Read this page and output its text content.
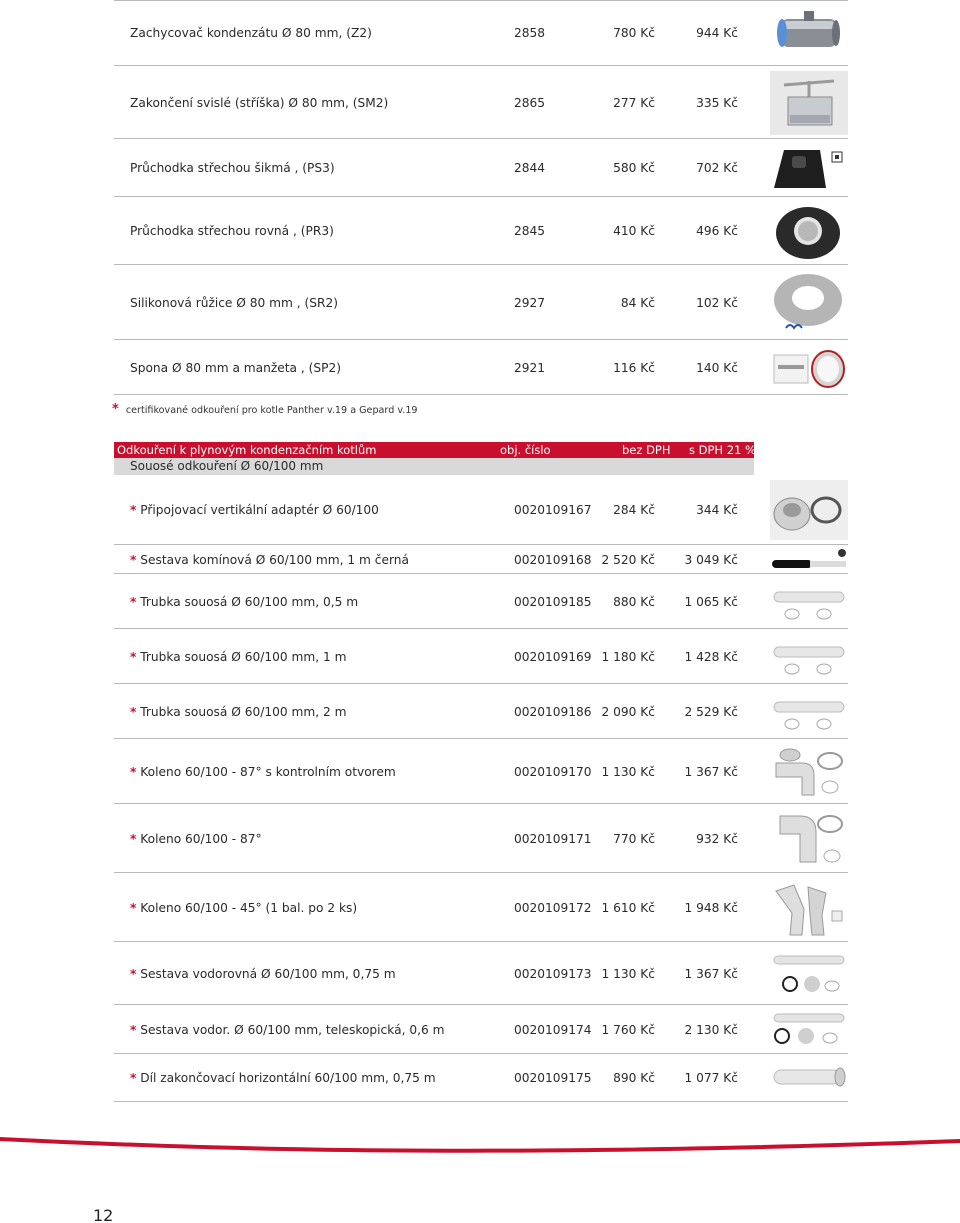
Zachycovač kondenzátu Ø 80 mm, (Z2)	2858	780 Kč	944 Kč
Zakončení svislé (stříška) Ø 80 mm, (SM2)	2865	277 Kč	335 Kč
Průchodka střechou šikmá , (PS3)	2844	580 Kč	702 Kč
Průchodka střechou rovná , (PR3)	2845	410 Kč	496 Kč
Silikonová růžice Ø 80 mm , (SR2)	2927	84 Kč	102 Kč
Spona Ø 80 mm a manžeta , (SP2)	2921	116 Kč	140 Kč
* certifikované odkouření pro kotle Panther v.19 a Gepard v.19
Odkouření k plynovým kondenzačním kotlům	obj. číslo	bez DPH s DPH 21 %
Souosé odkouření Ø 60/100 mm
* Připojovací vertikální adaptér Ø 60/100	0020109167 284 Kč	344 Kč
* Sestava komínová Ø 60/100 mm, 1 m černá	0020109168 2 520 Kč 3 049 Kč
* Trubka souosá Ø 60/100 mm, 0,5 m	0020109185 880 Kč 1 065 Kč
* Trubka souosá Ø 60/100 mm, 1 m	0020109169 1 180 Kč 1 428 Kč
* Trubka souosá Ø 60/100 mm, 2 m	0020109186 2 090 Kč 2 529 Kč
* Koleno 60/100 - 87° s kontrolním otvorem	0020109170 1 130 Kč 1 367 Kč
* Koleno 60/100 - 87°	0020109171 770 Kč	932 Kč
* Koleno 60/100 - 45° (1 bal. po 2 ks)	0020109172 1 610 Kč 1 948 Kč
* Sestava vodorovná Ø 60/100 mm, 0,75 m	0020109173 1 130 Kč 1 367 Kč
* Sestava vodor. Ø 60/100 mm, teleskopická, 0,6 m	0020109174 1 760 Kč 2 130 Kč
* Díl zakončovací horizontální 60/100 mm, 0,75 m	0020109175 890 Kč 1 077 Kč
12
